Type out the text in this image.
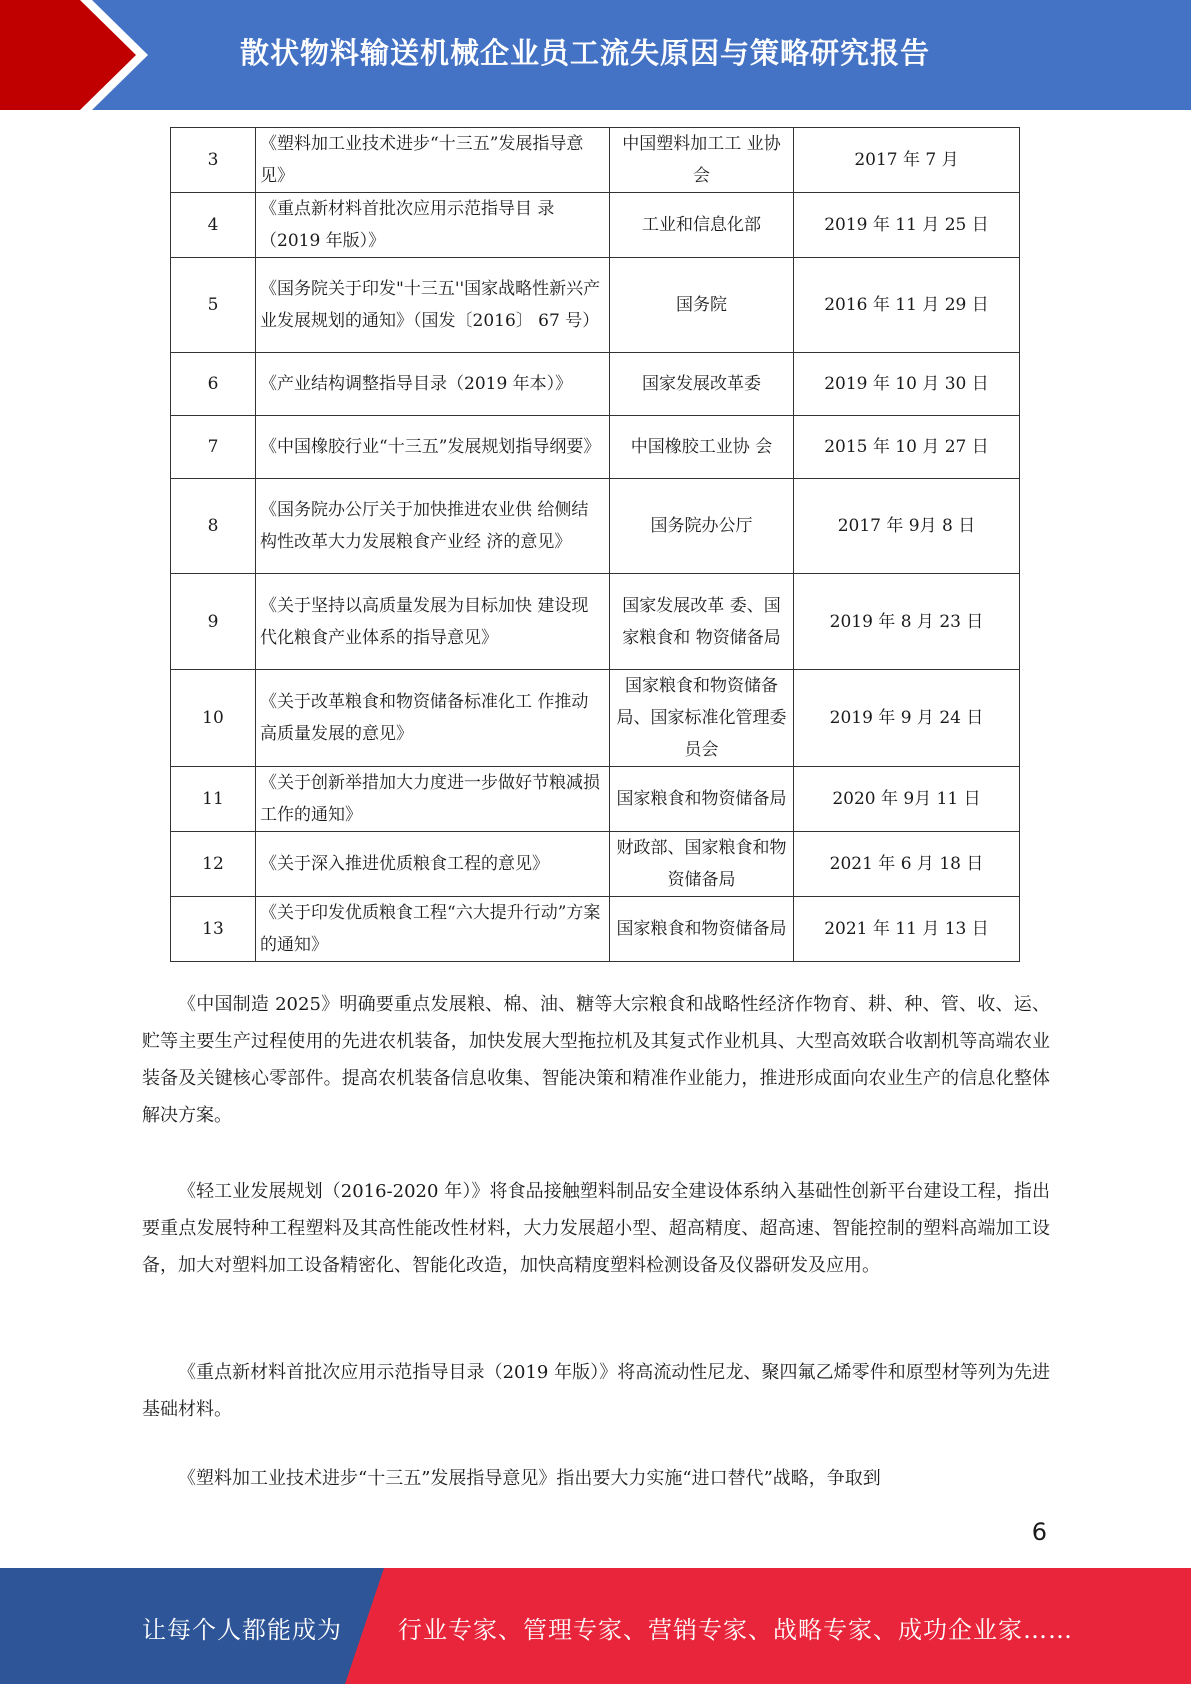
散状物料输送机械企业员工流失原因与策略研究报告
3	《塑料加工业技术进步“十三五”发展指导意见》	中国塑料加工工 业协会	2017 年 7 月
4	《重点新材料首批次应用示范指导目 录（2019 年版）》	工业和信息化部	2019 年 11 月 25 日
5	《国务院关于印发"十三五''国家战略性新兴产业发展规划的通知》（国发〔2016〕 67 号）	国务院	2016 年 11 月 29 日
6	《产业结构调整指导目录（2019 年本）》	国家发展改革委	2019 年 10 月 30 日
7	《中国橡胶行业“十三五”发展规划指导纲要》	中国橡胶工业协 会	2015 年 10 月 27 日
8	《国务院办公厅关于加快推进农业供 给侧结构性改革大力发展粮食产业经 济的意见》	国务院办公厅	2017 年 9月 8 日
9	《关于坚持以高质量发展为目标加快 建设现代化粮食产业体系的指导意见》	国家发展改革 委、国家粮食和 物资储备局	2019 年 8 月 23 日
10	《关于改革粮食和物资储备标准化工 作推动高质量发展的意见》	国家粮食和物资储备局、国家标准化管理委员会	2019 年 9 月 24 日
11	《关于创新举措加大力度进一步做好节粮减损工作的通知》	国家粮食和物资储备局	2020 年 9月 11 日
12	《关于深入推进优质粮食工程的意见》	财政部、国家粮食和物资储备局	2021 年 6 月 18 日
13	《关于印发优质粮食工程“六大提升行动”方案的通知》	国家粮食和物资储备局	2021 年 11 月 13 日

《中国制造 2025》明确要重点发展粮、棉、油、糖等大宗粮食和战略性经济作物育、耕、种、管、收、运、贮等主要生产过程使用的先进农机装备，加快发展大型拖拉机及其复式作业机具、大型高效联合收割机等高端农业装备及关键核心零部件。提高农机装备信息收集、智能决策和精准作业能力，推进形成面向农业生产的信息化整体解决方案。

《轻工业发展规划（2016-2020 年）》将食品接触塑料制品安全建设体系纳入基础性创新平台建设工程，指出要重点发展特种工程塑料及其高性能改性材料，大力发展超小型、超高精度、超高速、智能控制的塑料高端加工设备，加大对塑料加工设备精密化、智能化改造，加快高精度塑料检测设备及仪器研发及应用。

《重点新材料首批次应用示范指导目录（2019 年版）》将高流动性尼龙、聚四氟乙烯零件和原型材等列为先进基础材料。

《塑料加工业技术进步“十三五”发展指导意见》指出要大力实施“进口替代”战略，争取到

6
让每个人都能成为 行业专家、管理专家、营销专家、战略专家、成功企业家……
